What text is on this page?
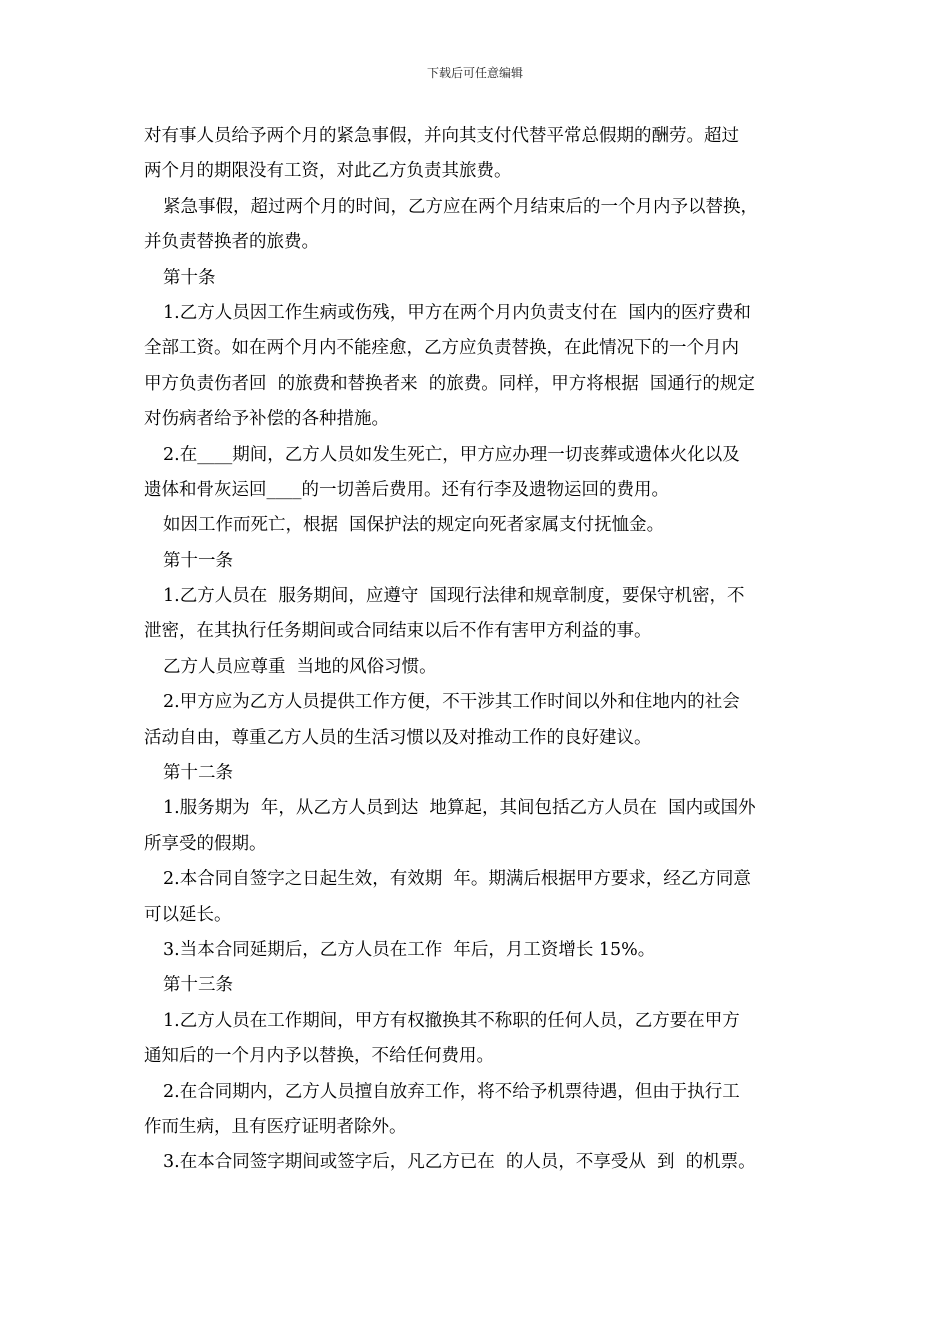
下载后可任意编辑
对有事人员给予两个月的紧急事假，并向其支付代替平常总假期的酬劳。超过
两个月的期限没有工资，对此乙方负责其旅费。
紧急事假，超过两个月的时间，乙方应在两个月结束后的一个月内予以替换，
并负责替换者的旅费。
第十条
1.乙方人员因工作生病或伤残，甲方在两个月内负责支付在  国内的医疗费和
全部工资。如在两个月内不能痊愈，乙方应负责替换，在此情况下的一个月内
甲方负责伤者回  的旅费和替换者来  的旅费。同样，甲方将根据  国通行的规定
对伤病者给予补偿的各种措施。
2.在____期间，乙方人员如发生死亡，甲方应办理一切丧葬或遗体火化以及
遗体和骨灰运回____的一切善后费用。还有行李及遗物运回的费用。
如因工作而死亡，根据  国保护法的规定向死者家属支付抚恤金。
第十一条
1.乙方人员在  服务期间，应遵守  国现行法律和规章制度，要保守机密，不
泄密，在其执行任务期间或合同结束以后不作有害甲方利益的事。
乙方人员应尊重  当地的风俗习惯。
2.甲方应为乙方人员提供工作方便，不干涉其工作时间以外和住地内的社会
活动自由，尊重乙方人员的生活习惯以及对推动工作的良好建议。
第十二条
1.服务期为  年，从乙方人员到达  地算起，其间包括乙方人员在  国内或国外
所享受的假期。
2.本合同自签字之日起生效，有效期  年。期满后根据甲方要求，经乙方同意
可以延长。
3.当本合同延期后，乙方人员在工作  年后，月工资增长 15%。
第十三条
1.乙方人员在工作期间，甲方有权撤换其不称职的任何人员，乙方要在甲方
通知后的一个月内予以替换，不给任何费用。
2.在合同期内，乙方人员擅自放弃工作，将不给予机票待遇，但由于执行工
作而生病，且有医疗证明者除外。
3.在本合同签字期间或签字后，凡乙方已在  的人员，不享受从  到  的机票。
